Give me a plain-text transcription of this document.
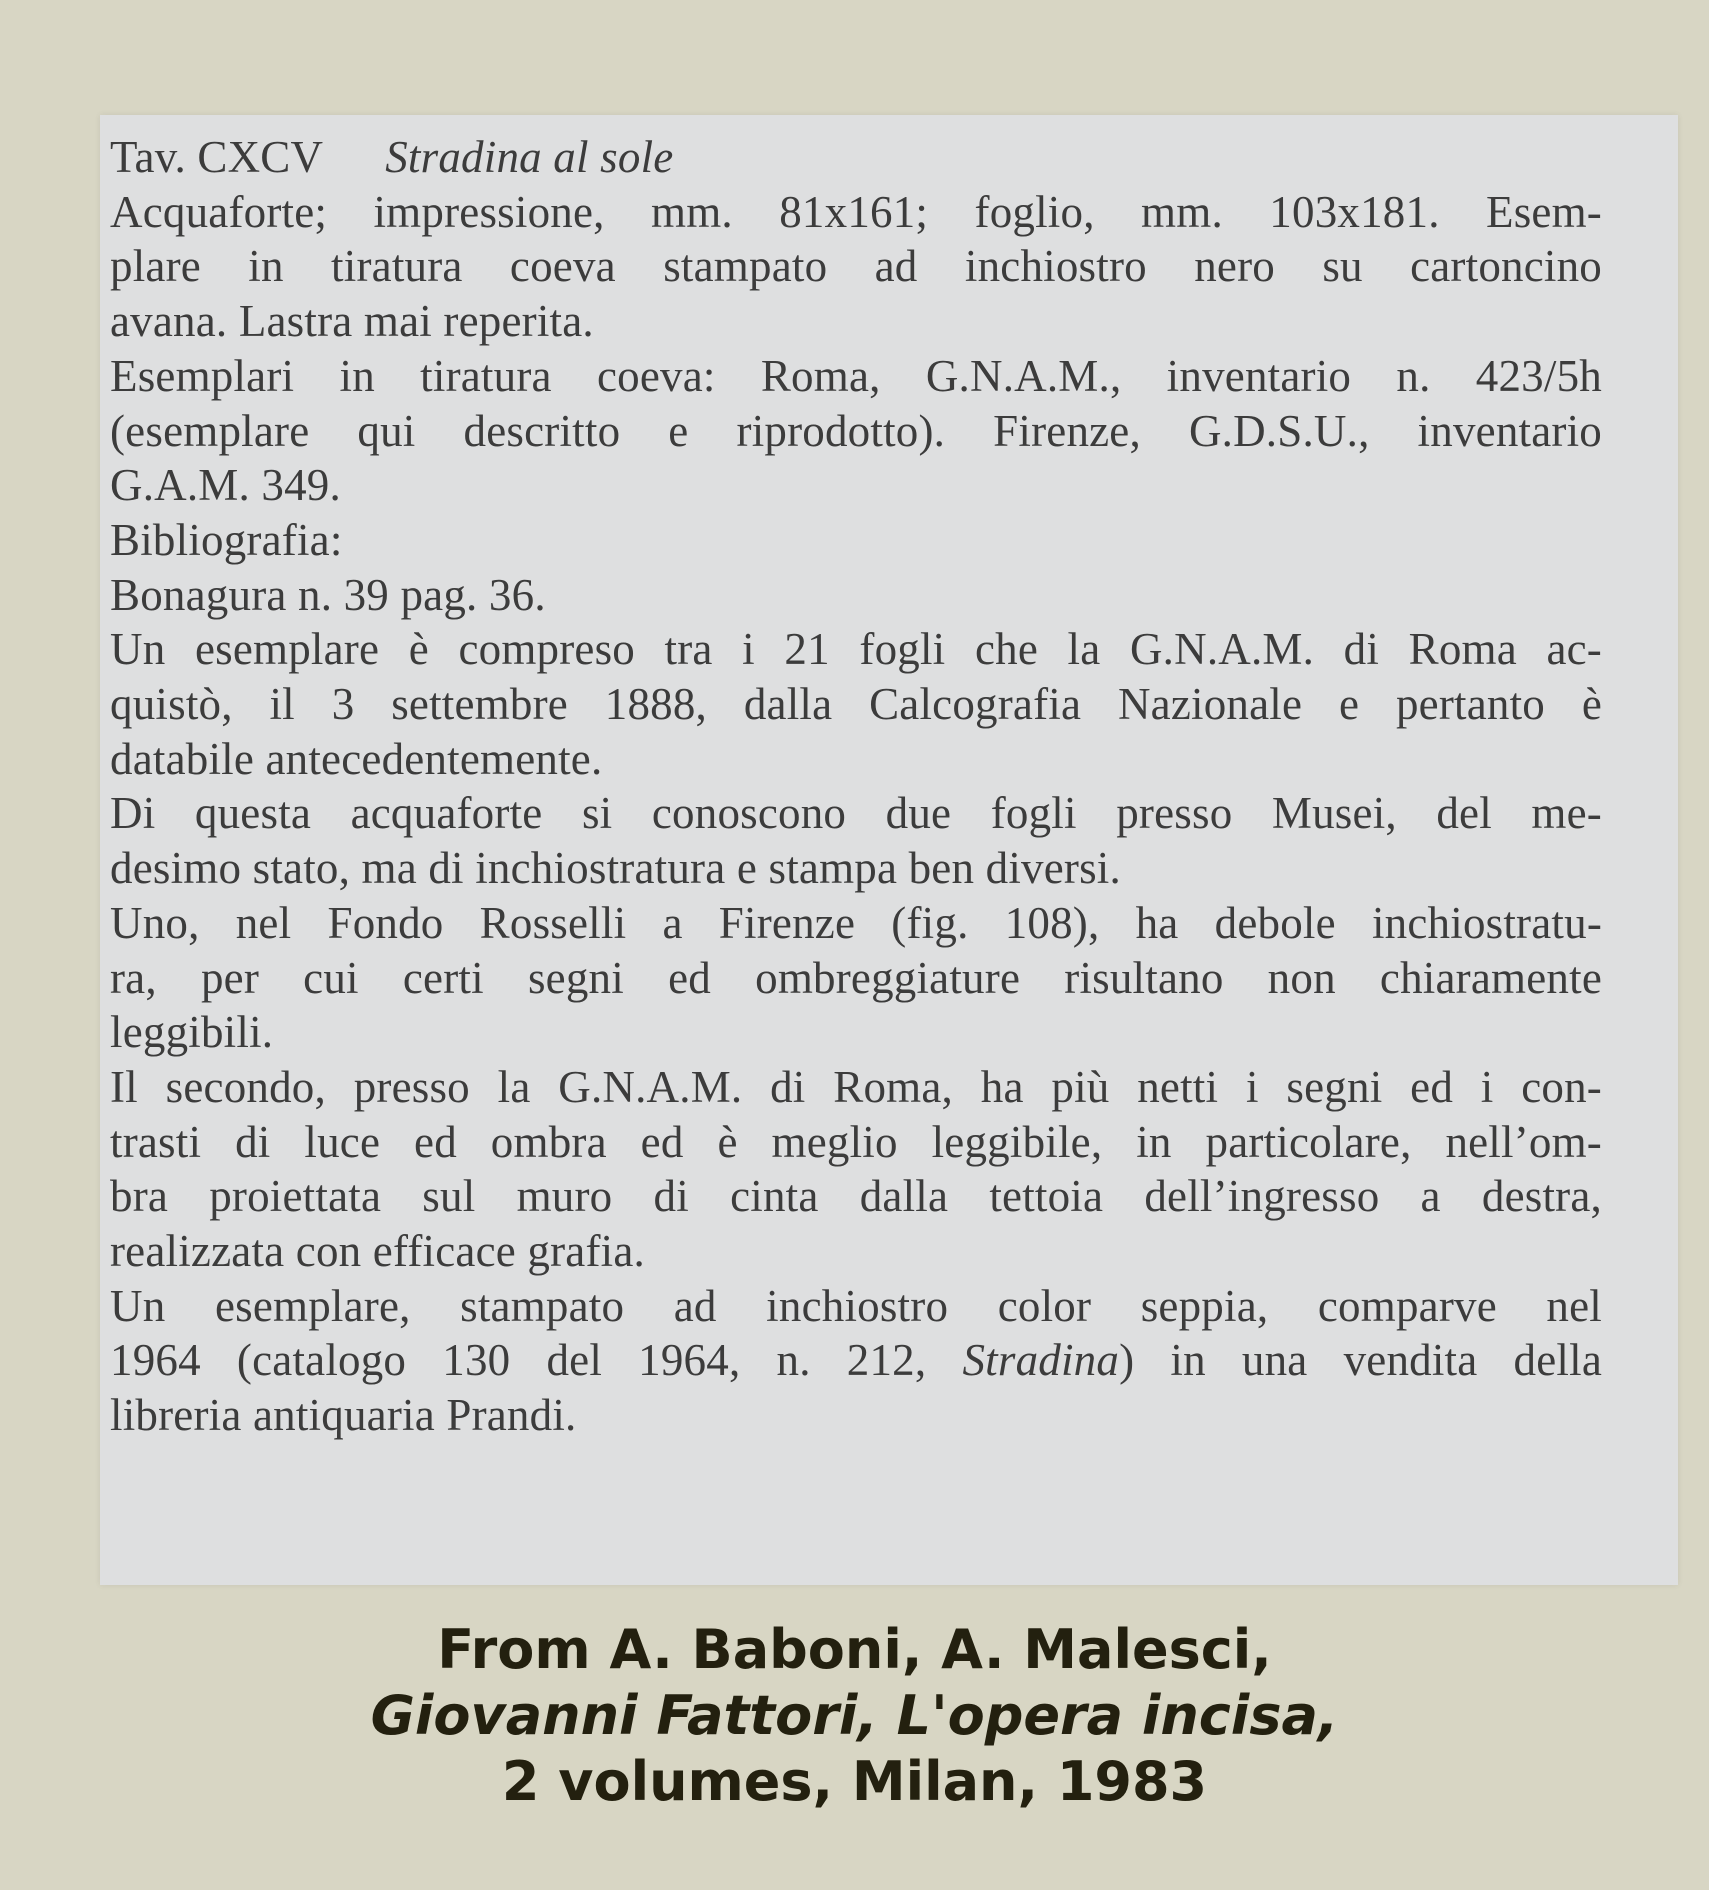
Tav. CXCV Stradina al sole
Acquaforte; impressione, mm. 81x161; foglio, mm. 103x181. Esem-
plare in tiratura coeva stampato ad inchiostro nero su cartoncino
avana. Lastra mai reperita.
Esemplari in tiratura coeva: Roma, G.N.A.M., inventario n. 423/5h
(esemplare qui descritto e riprodotto). Firenze, G.D.S.U., inventario
G.A.M. 349.
Bibliografia:
Bonagura n. 39 pag. 36.
Un esemplare è compreso tra i 21 fogli che la G.N.A.M. di Roma ac-
quistò, il 3 settembre 1888, dalla Calcografia Nazionale e pertanto è
databile antecedentemente.
Di questa acquaforte si conoscono due fogli presso Musei, del me-
desimo stato, ma di inchiostratura e stampa ben diversi.
Uno, nel Fondo Rosselli a Firenze (fig. 108), ha debole inchiostratu-
ra, per cui certi segni ed ombreggiature risultano non chiaramente
leggibili.
Il secondo, presso la G.N.A.M. di Roma, ha più netti i segni ed i con-
trasti di luce ed ombra ed è meglio leggibile, in particolare, nell’om-
bra proiettata sul muro di cinta dalla tettoia dell’ingresso a destra,
realizzata con efficace grafia.
Un esemplare, stampato ad inchiostro color seppia, comparve nel
1964 (catalogo 130 del 1964, n. 212, Stradina) in una vendita della
libreria antiquaria Prandi.
From A. Baboni, A. Malesci,
Giovanni Fattori, L'opera incisa,
2 volumes, Milan, 1983
